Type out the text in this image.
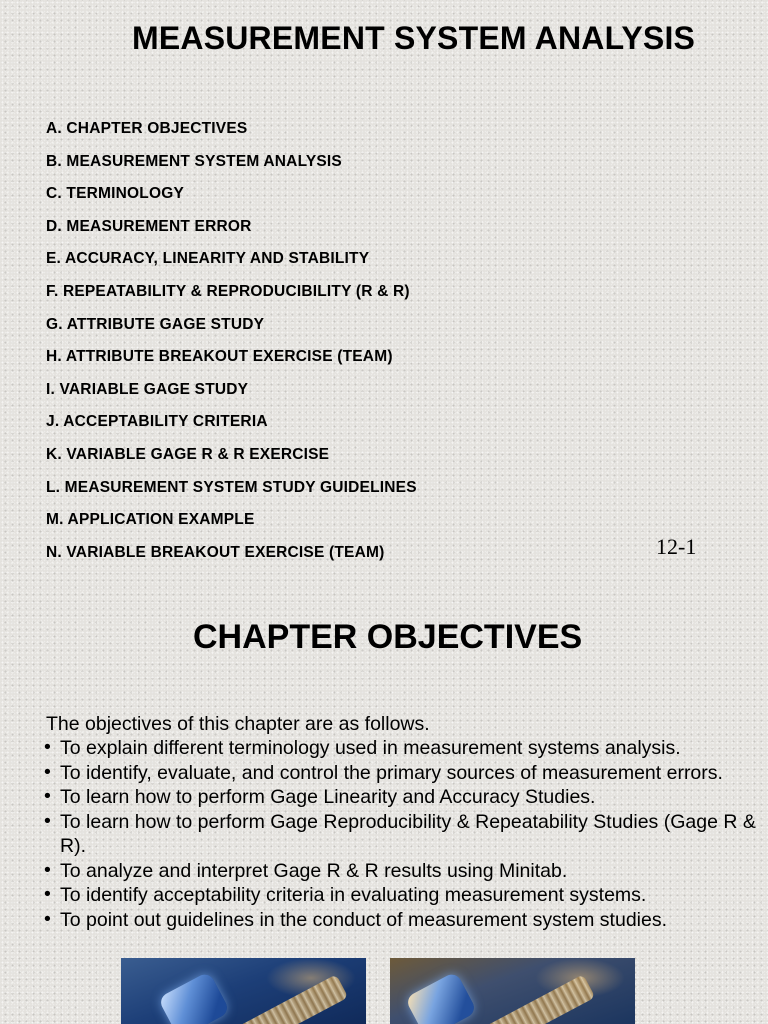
MEASUREMENT SYSTEM ANALYSIS
A. CHAPTER OBJECTIVES
B. MEASUREMENT SYSTEM ANALYSIS
C. TERMINOLOGY
D. MEASUREMENT ERROR
E. ACCURACY, LINEARITY AND STABILITY
F. REPEATABILITY & REPRODUCIBILITY (R & R)
G. ATTRIBUTE GAGE STUDY
H. ATTRIBUTE BREAKOUT EXERCISE (TEAM)
I. VARIABLE GAGE STUDY
J. ACCEPTABILITY CRITERIA
K. VARIABLE GAGE R & R EXERCISE
L. MEASUREMENT SYSTEM STUDY GUIDELINES
M. APPLICATION EXAMPLE
N. VARIABLE BREAKOUT EXERCISE (TEAM)	12-1
CHAPTER OBJECTIVES
The objectives of this chapter are as follows.
• To explain different terminology used in measurement systems analysis.
• To identify, evaluate, and control the primary sources of measurement errors.
• To learn how to perform Gage Linearity and Accuracy Studies.
• To learn how to perform Gage Reproducibility & Repeatability Studies (Gage R & R).
• To analyze and interpret Gage R & R results using Minitab.
• To identify acceptability criteria in evaluating measurement systems.
• To point out guidelines in the conduct of measurement system studies.
